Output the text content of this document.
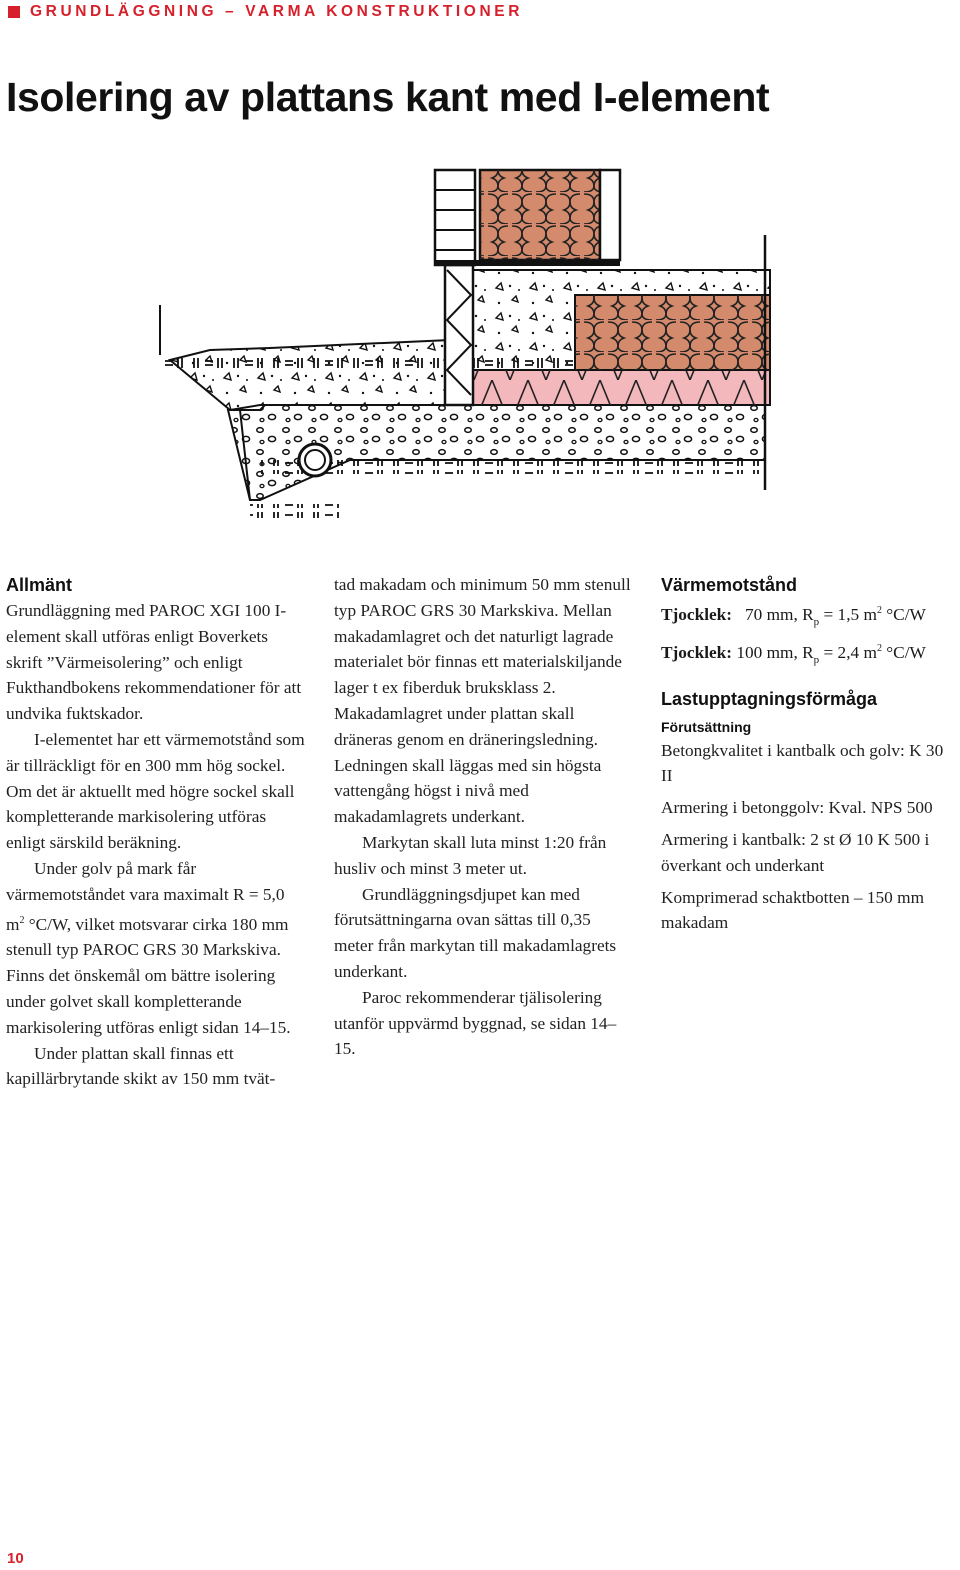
GRUNDLÄGGNING – VARMA KONSTRUKTIONER
Isolering av plattans kant med I-element
Allmänt

Grundläggning med PAROC XGI 100 I-element skall utföras enligt Boverkets skrift ”Värmeisolering” och enligt Fukthandbokens rekommendationer för att undvika fuktskador.

I-elementet har ett värmemotstånd som är tillräckligt för en 300 mm hög sockel. Om det är aktuellt med högre sockel skall kompletterande markisolering utföras enligt särskild beräkning.

Under golv på mark får värmemotståndet vara maximalt R = 5,0 $m^2$ °C/W, vilket motsvarar cirka 180 mm stenull typ PAROC GRS 30 Markskiva. Finns det önskemål om bättre isolering under golvet skall kompletterande markisolering utföras enligt sidan 14–15.

Under plattan skall finnas ett kapillärbrytande skikt av 150 mm tvät-

tad makadam och minimum 50 mm stenull typ PAROC GRS 30 Markskiva. Mellan makadamlagret och det naturligt lagrade materialet bör finnas ett materialskiljande lager t ex fiberduk bruksklass 2. Makadamlagret under plattan skall dräneras genom en dräneringsledning. Ledningen skall läggas med sin högsta vattengång högst i nivå med makadamlagrets underkant.

Markytan skall luta minst 1:20 från husliv och minst 3 meter ut.

Grundläggningsdjupet kan med förutsättningarna ovan sättas till 0,35 meter från markytan till makadamlagrets underkant.

Paroc rekommenderar tjälisolering utanför uppvärmd byggnad, se sidan 14–15.

Värmemotstånd
Tjocklek: 70 mm, $R_p = 1,5$ $m^2$ °C/W
Tjocklek: 100 mm, $R_p = 2,4$ $m^2$ °C/W
Lastupptagningsförmåga
Förutsättning

Betongkvalitet i kantbalk och golv: K 30 II

Armering i betonggolv: Kval. NPS 500

Armering i kantbalk: 2 st Ø 10 K 500 i överkant och underkant

Komprimerad schaktbotten – 150 mm makadam

10
